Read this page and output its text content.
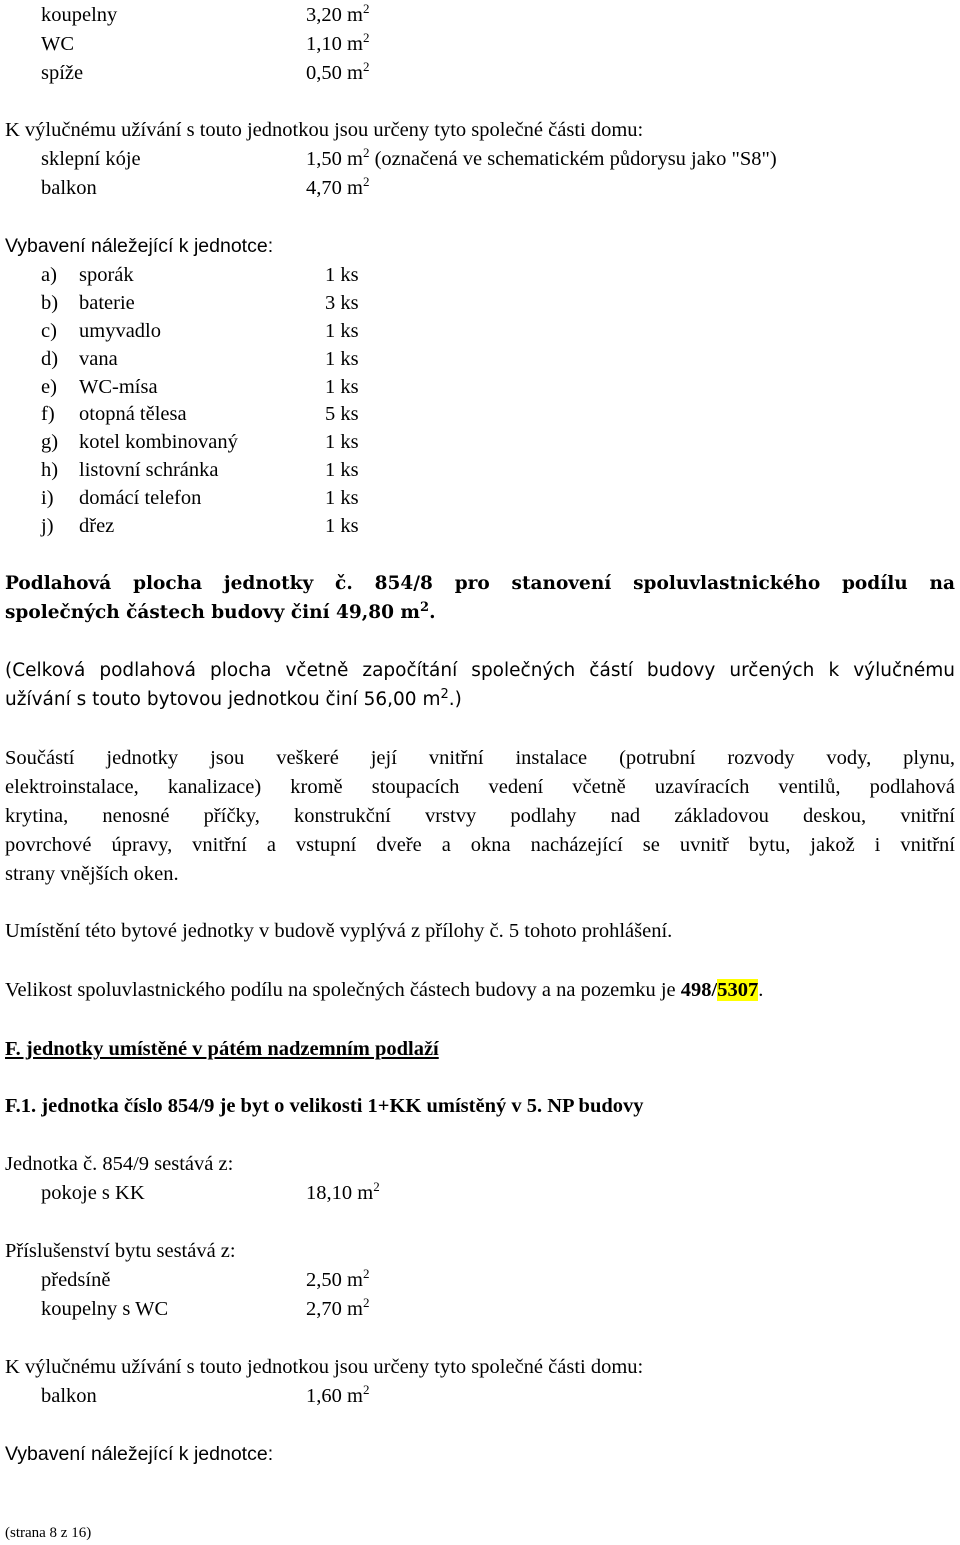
koupelny	3,20 $m^2$
WC	1,10 $m^2$
spíže	0,50 $m^2$
K výlučnému užívání s touto jednotkou jsou určeny tyto společné části domu:
sklepní kóje	1,50 $m^2$ (označená ve schematickém půdorysu jako "S8")
balkon	4,70 $m^2$
Vybavení náležející k jednotce:
a) sporák	1 ks
b) baterie	3 ks
c) umyvadlo	1 ks
d) vana	1 ks
e) WC-mísa	1 ks
f) otopná tělesa	5 ks
g) kotel kombinovaný	1 ks
h) listovní schránka	1 ks
i) domácí telefon	1 ks
j) dřez	1 ks
Podlahová plocha jednotky č. 854/8 pro stanovení spoluvlastnického podílu na
společných částech budovy činí 49,80 $m^2$.
(Celková podlahová plocha včetně započítání společných částí budovy určených k výlučnému
užívání s touto bytovou jednotkou činí 56,00 $m^2$.)
Součástí jednotky jsou veškeré její vnitřní instalace (potrubní rozvody vody, plynu,
elektroinstalace, kanalizace) kromě stoupacích vedení včetně uzavíracích ventilů, podlahová
krytina, nenosné příčky, konstrukční vrstvy podlahy nad základovou deskou, vnitřní
povrchové úpravy, vnitřní a vstupní dveře a okna nacházející se uvnitř bytu, jakož i vnitřní
strany vnějších oken.
Umístění této bytové jednotky v budově vyplývá z přílohy č. 5 tohoto prohlášení.
Velikost spoluvlastnického podílu na společných částech budovy a na pozemku je 498/5307.
F. jednotky umístěné v pátém nadzemním podlaží
F.1. jednotka číslo 854/9 je byt o velikosti 1+KK umístěný v 5. NP budovy
Jednotka č. 854/9 sestává z:
pokoje s KK	18,10 $m^2$
Příslušenství bytu sestává z:
předsíně	2,50 $m^2$
koupelny s WC	2,70 $m^2$
K výlučnému užívání s touto jednotkou jsou určeny tyto společné části domu:
balkon	1,60 $m^2$
Vybavení náležející k jednotce:
(strana 8 z 16)
